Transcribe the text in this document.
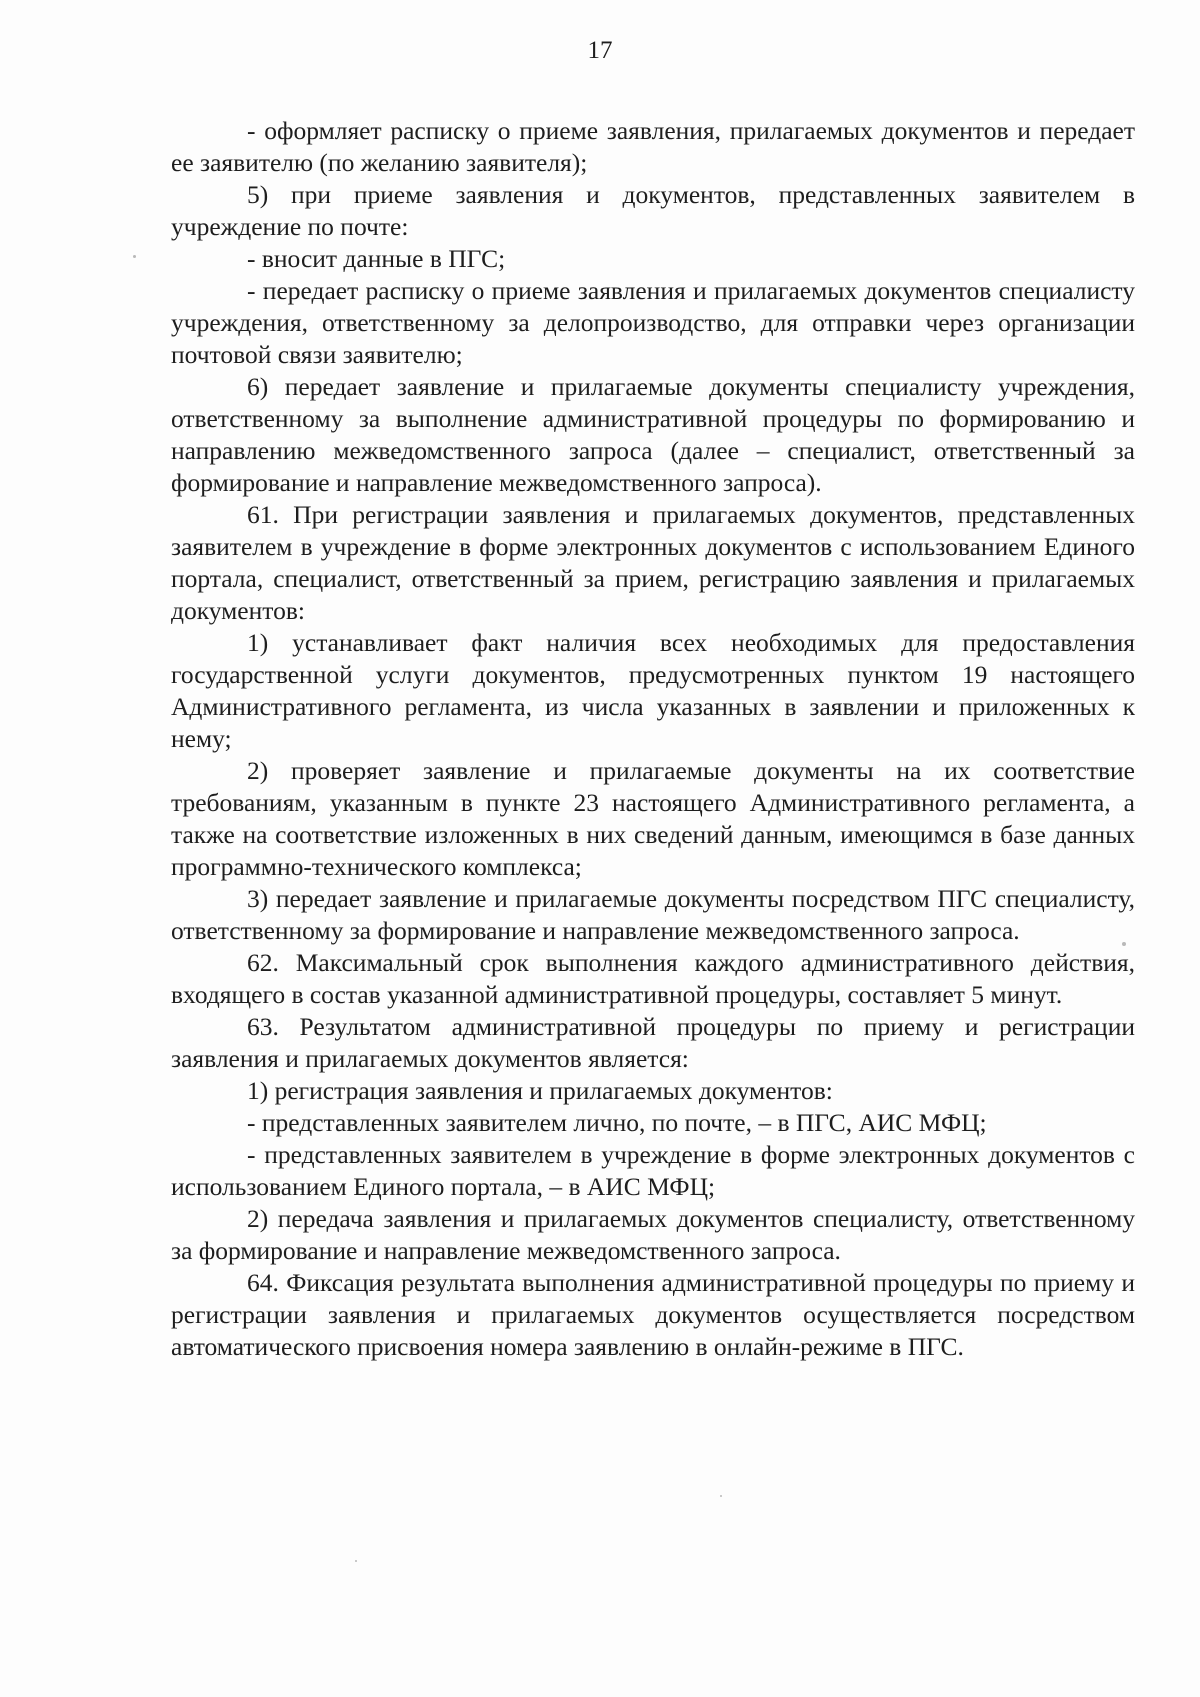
17

- оформляет расписку о приеме заявления, прилагаемых документов и передает ее заявителю (по желанию заявителя);

5) при приеме заявления и документов, представленных заявителем в учреждение по почте:

- вносит данные в ПГС;

- передает расписку о приеме заявления и прилагаемых документов специалисту учреждения, ответственному за делопроизводство, для отправки через организации почтовой связи заявителю;

6) передает заявление и прилагаемые документы специалисту учреждения, ответственному за выполнение административной процедуры по формированию и направлению межведомственного запроса (далее – специалист, ответственный за формирование и направление межведомственного запроса).

61. При регистрации заявления и прилагаемых документов, представленных заявителем в учреждение в форме электронных документов с использованием Единого портала, специалист, ответственный за прием, регистрацию заявления и прилагаемых документов:

1) устанавливает факт наличия всех необходимых для предоставления государственной услуги документов, предусмотренных пунктом 19 настоящего Административного регламента, из числа указанных в заявлении и приложенных к нему;

2) проверяет заявление и прилагаемые документы на их соответствие требованиям, указанным в пункте 23 настоящего Административного регламента, а также на соответствие изложенных в них сведений данным, имеющимся в базе данных программно-технического комплекса;

3) передает заявление и прилагаемые документы посредством ПГС специалисту, ответственному за формирование и направление межведомственного запроса.

62. Максимальный срок выполнения каждого административного действия, входящего в состав указанной административной процедуры, составляет 5 минут.

63. Результатом административной процедуры по приему и регистрации заявления и прилагаемых документов является:

1) регистрация заявления и прилагаемых документов:

- представленных заявителем лично, по почте, – в ПГС, АИС МФЦ;

- представленных заявителем в учреждение в форме электронных документов с использованием Единого портала, – в АИС МФЦ;

2) передача заявления и прилагаемых документов специалисту, ответственному за формирование и направление межведомственного запроса.

64. Фиксация результата выполнения административной процедуры по приему и регистрации заявления и прилагаемых документов осуществляется посредством автоматического присвоения номера заявлению в онлайн-режиме в ПГС.
